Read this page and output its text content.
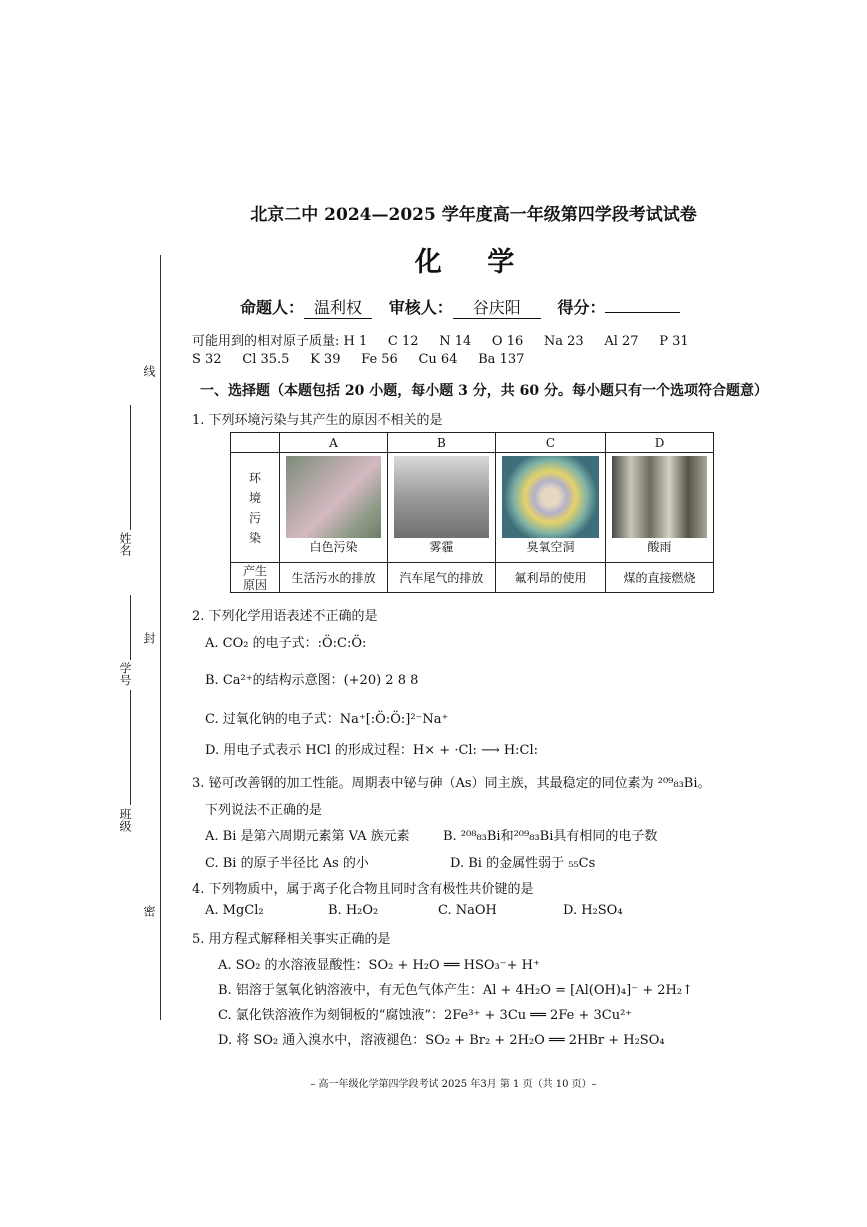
线
姓名
封
学号
班级
密
北京二中 2024—2025 学年度高一年级第四学段考试试卷
化 学
命题人： 温利权 审核人： 谷庆阳 得分：
可能用到的相对原子质量: H 1     C 12     N 14     O 16     Na 23     Al 27     P 31
S 32     Cl 35.5     K 39     Fe 56     Cu 64     Ba 137
一、选择题（本题包括 20 小题，每小题 3 分，共 60 分。每小题只有一个选项符合题意）
1. 下列环境污染与其产生的原因不相关的是
	A	B	C	D
环境污染	白色污染	雾霾	臭氧空洞	酸雨

产生原因	生活污水的排放	汽车尾气的排放	氟利昂的使用	煤的直接燃烧
2. 下列化学用语表述不正确的是
A. CO₂ 的电子式：:Ö:C:Ö:
B. Ca²⁺的结构示意图：(+20) 2 8 8
C. 过氧化钠的电子式：Na⁺[:Ö:Ö:]²⁻Na⁺
D. 用电子式表示 HCl 的形成过程：H× + ·Cl: ⟶ H:Cl:
3. 铋可改善钢的加工性能。周期表中铋与砷（As）同主族，其最稳定的同位素为 ²⁰⁹₈₃Bi。
下列说法不正确的是
A. Bi 是第六周期元素第 VA 族元素	B. ²⁰⁸₈₃Bi和²⁰⁹₈₃Bi具有相同的电子数
C. Bi 的原子半径比 As 的小	D. Bi 的金属性弱于 ₅₅Cs
4. 下列物质中，属于离子化合物且同时含有极性共价键的是
A. MgCl₂	B. H₂O₂	C. NaOH	D. H₂SO₄
5. 用方程式解释相关事实正确的是
A. SO₂ 的水溶液显酸性：SO₂ + H₂O ══ HSO₃⁻+ H⁺
B. 铝溶于氢氧化钠溶液中，有无色气体产生：Al + 4H₂O = [Al(OH)₄]⁻ + 2H₂↑
C. 氯化铁溶液作为刻铜板的“腐蚀液”：2Fe³⁺ + 3Cu ══ 2Fe + 3Cu²⁺
D. 将 SO₂ 通入溴水中，溶液褪色：SO₂ + Br₂ + 2H₂O ══ 2HBr + H₂SO₄
– 高一年级化学第四学段考试 2025 年3月 第 1 页（共 10 页）–
